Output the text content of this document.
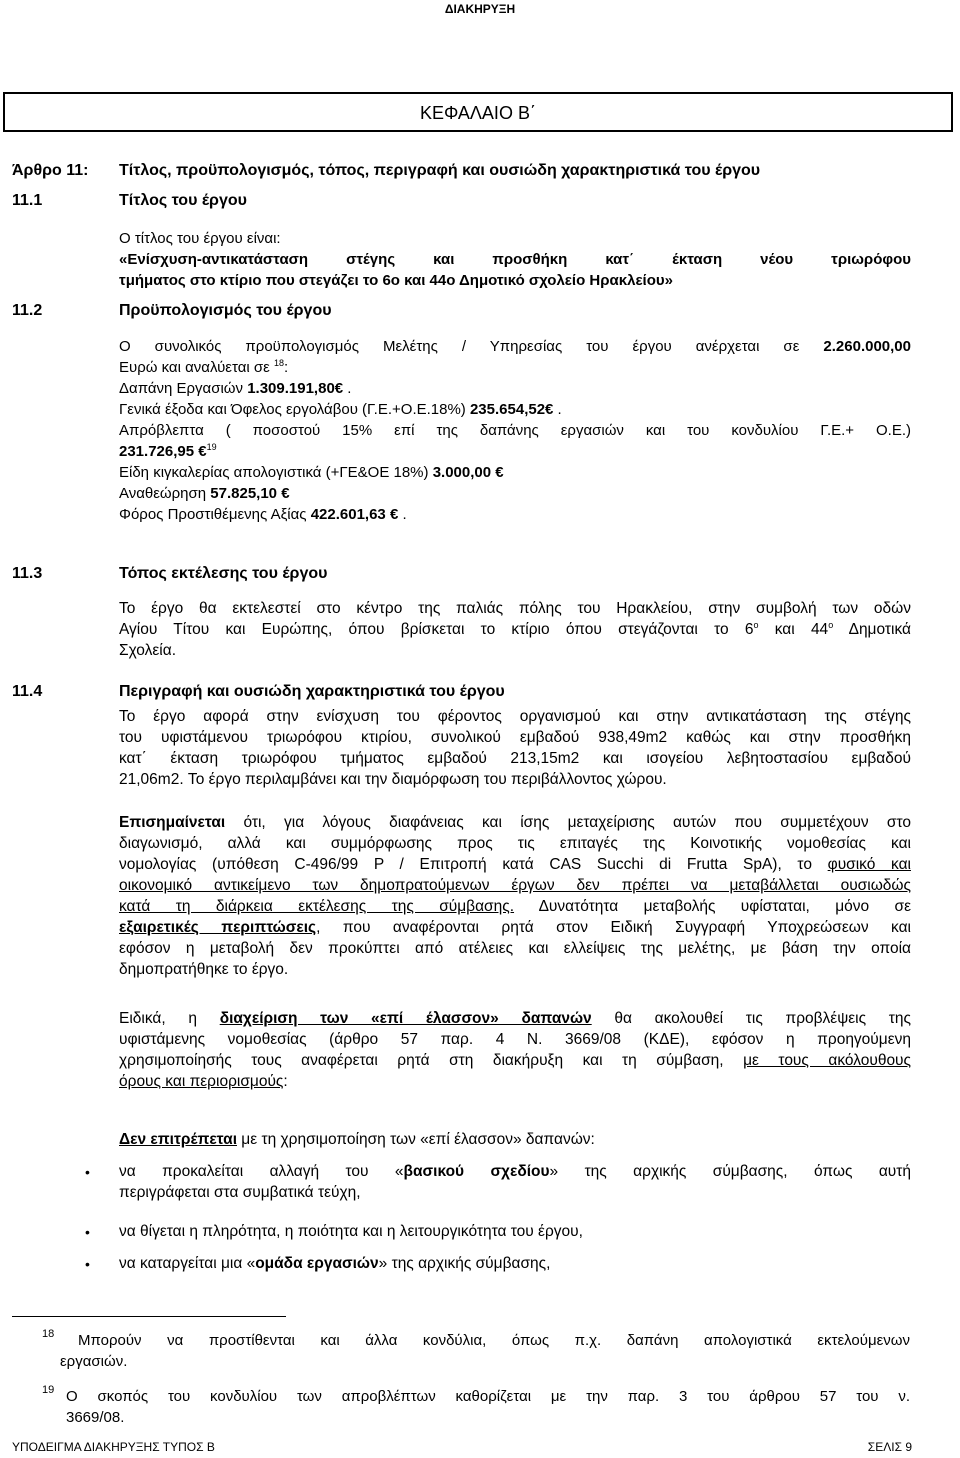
ΔΙΑΚΗΡΥΞΗ
ΚΕΦΑΛΑΙΟ Β΄
Άρθρο 11: Τίτλος, προϋπολογισμός, τόπος, περιγραφή και ουσιώδη χαρακτηριστικά του έργου
11.1	Τίτλος του έργου
Ο τίτλος του έργου είναι:
«Ενίσχυση-αντικατάσταση στέγης και προσθήκη κατ΄ έκταση νέου τριωρόφου
τμήματος στο κτίριο που στεγάζει το 6ο και 44ο Δημοτικό σχολείο Ηρακλείου»
11.2	Προϋπολογισμός του έργου
Ο συνολικός προϋπολογισμός Μελέτης / Υπηρεσίας του έργου ανέρχεται σε 2.260.000,00
Ευρώ και αναλύεται σε $^{18}$:
Δαπάνη Εργασιών 1.309.191,80€ .
Γενικά έξοδα και Όφελος εργολάβου (Γ.Ε.+Ο.Ε.18%) 235.654,52€ .
Απρόβλεπτα ( ποσοστού 15% επί της δαπάνης εργασιών και του κονδυλίου Γ.Ε.+ Ο.Ε.)
231.726,95 €$^{19}$
Είδη κιγκαλερίας απολογιστικά (+ΓΕ&ΟΕ 18%) 3.000,00 €
Αναθεώρηση 57.825,10 €
Φόρος Προστιθέμενης Αξίας 422.601,63 € .
11.3	Τόπος εκτέλεσης του έργου
Το έργο θα εκτελεστεί στο κέντρο της παλιάς πόλης του Ηρακλείου, στην συμβολή των οδών
Αγίου Τίτου και Ευρώπης, όπου βρίσκεται το κτίριο όπου στεγάζονται το $6^o$ και $44^o$ Δημοτικά
Σχολεία.
11.4	Περιγραφή και ουσιώδη χαρακτηριστικά του έργου
Το έργο αφορά στην ενίσχυση του φέροντος οργανισμού και στην αντικατάσταση της στέγης
του υφιστάμενου τριωρόφου κτιρίου, συνολικού εμβαδού 938,49m2 καθώς και στην προσθήκη
κατ΄ έκταση τριωρόφου τμήματος εμβαδού 213,15m2 και ισογείου λεβητοστασίου εμβαδού
21,06m2. Το έργο περιλαμβάνει και την διαμόρφωση του περιβάλλοντος χώρου.
Επισημαίνεται ότι, για λόγους διαφάνειας και ίσης μεταχείρισης αυτών που συμμετέχουν στο
διαγωνισμό, αλλά και συμμόρφωσης προς τις επιταγές της Κοινοτικής νομοθεσίας και
νομολογίας (υπόθεση C-496/99 P / Επιτροπή κατά CAS Succhi di Frutta SpA), το φυσικό και
οικονομικό αντικείμενο των δημοπρατούμενων έργων δεν πρέπει να μεταβάλλεται ουσιωδώς
κατά τη διάρκεια εκτέλεσης της σύμβασης. Δυνατότητα μεταβολής υφίσταται, μόνο σε
εξαιρετικές περιπτώσεις, που αναφέρονται ρητά στον Ειδική Συγγραφή Υποχρεώσεων και
εφόσον η μεταβολή δεν προκύπτει από ατέλειες και ελλείψεις της μελέτης, με βάση την οποία
δημοπρατήθηκε το έργο.
Ειδικά, η διαχείριση των «επί έλασσον» δαπανών θα ακολουθεί τις προβλέψεις της
υφιστάμενης νομοθεσίας (άρθρο 57 παρ. 4 Ν. 3669/08 (ΚΔΕ), εφόσον η προηγούμενη
χρησιμοποίησής τους αναφέρεται ρητά στη διακήρυξη και τη σύμβαση, με τους ακόλουθους
όρους και περιορισμούς:
Δεν επιτρέπεται με τη χρησιμοποίηση των «επί έλασσον» δαπανών:
• να προκαλείται αλλαγή του «βασικού σχεδίου» της αρχικής σύμβασης, όπως αυτή
περιγράφεται στα συμβατικά τεύχη,
• να θίγεται η πληρότητα, η ποιότητα και η λειτουργικότητα του έργου,
• να καταργείται μια «ομάδα εργασιών» της αρχικής σύμβασης,
18 Μπορούν να προστίθενται και άλλα κονδύλια, όπως π.χ. δαπάνη απολογιστικά εκτελούμενων
εργασιών.
19 Ο σκοπός του κονδυλίου των απροβλέπτων καθορίζεται με την παρ. 3 του άρθρου 57 του ν.
3669/08.
ΥΠΟΔΕΙΓΜΑ ΔΙΑΚΗΡΥΞΗΣ ΤΥΠΟΣ Β	ΣΕΛΙΣ 9
